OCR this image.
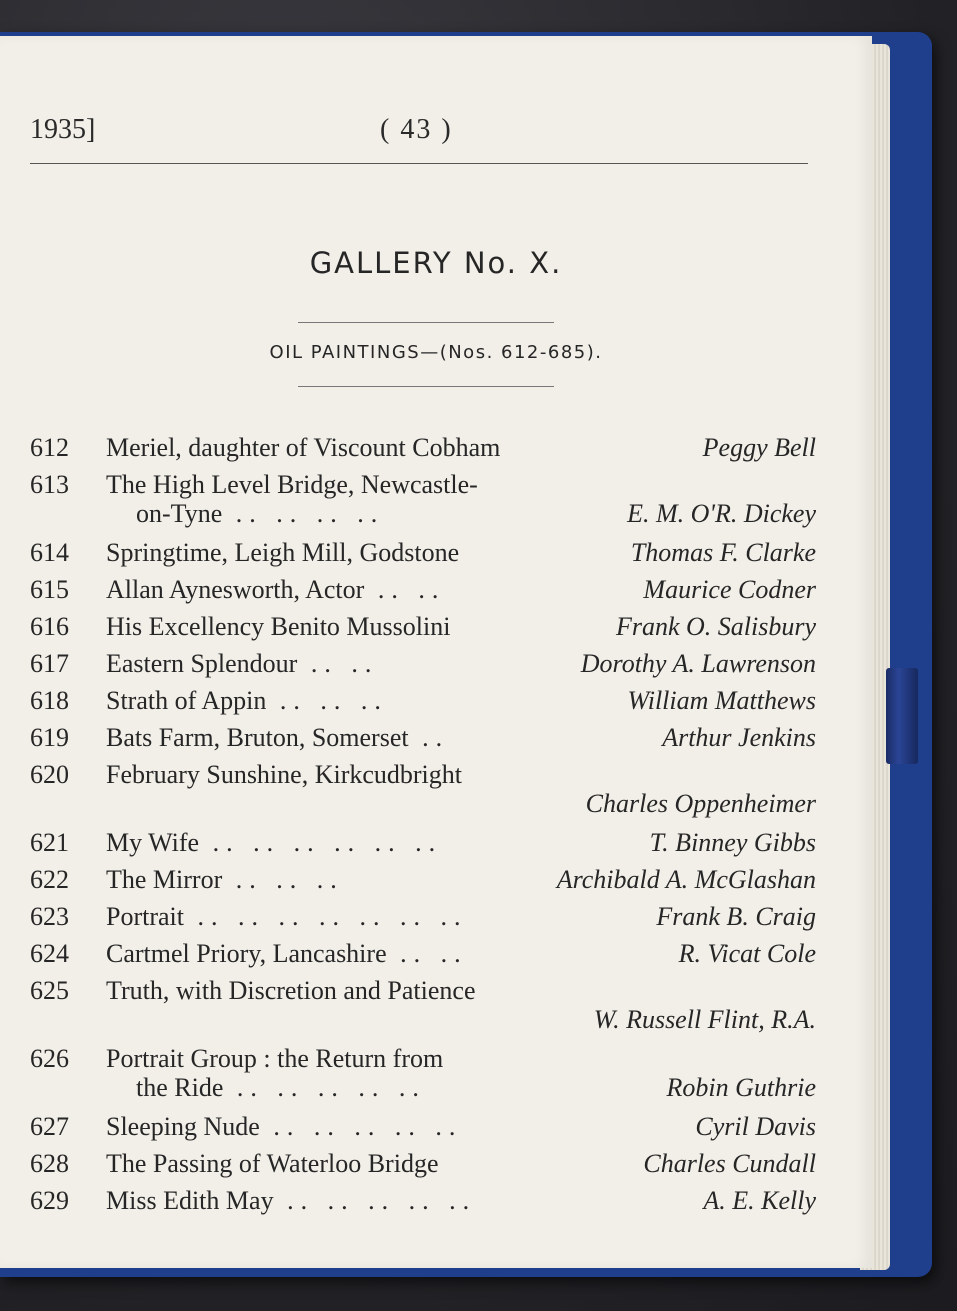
1935]	( 43 )
GALLERY No. X.
OIL PAINTINGS—(Nos. 612-685).
612 Meriel, daughter of Viscount Cobham	Peggy Bell
613 The High Level Bridge, Newcastle-
on-Tyne .. .. .. ..	E. M. O'R. Dickey
614 Springtime, Leigh Mill, Godstone	Thomas F. Clarke
615 Allan Aynesworth, Actor .. ..	Maurice Codner
616 His Excellency Benito Mussolini	Frank O. Salisbury
617 Eastern Splendour .. ..	Dorothy A. Lawrenson
618 Strath of Appin .. .. ..	William Matthews
619 Bats Farm, Bruton, Somerset ..	Arthur Jenkins
620 February Sunshine, Kirkcudbright
Charles Oppenheimer
621 My Wife .. .. .. .. .. ..	T. Binney Gibbs
622 The Mirror .. .. ..	Archibald A. McGlashan
623 Portrait .. .. .. .. .. .. ..	Frank B. Craig
624 Cartmel Priory, Lancashire .. ..	R. Vicat Cole
625 Truth, with Discretion and Patience
W. Russell Flint, R.A.
626 Portrait Group : the Return from
the Ride .. .. .. .. ..	Robin Guthrie
627 Sleeping Nude .. .. .. .. ..	Cyril Davis
628 The Passing of Waterloo Bridge	Charles Cundall
629 Miss Edith May .. .. .. .. ..	A. E. Kelly
